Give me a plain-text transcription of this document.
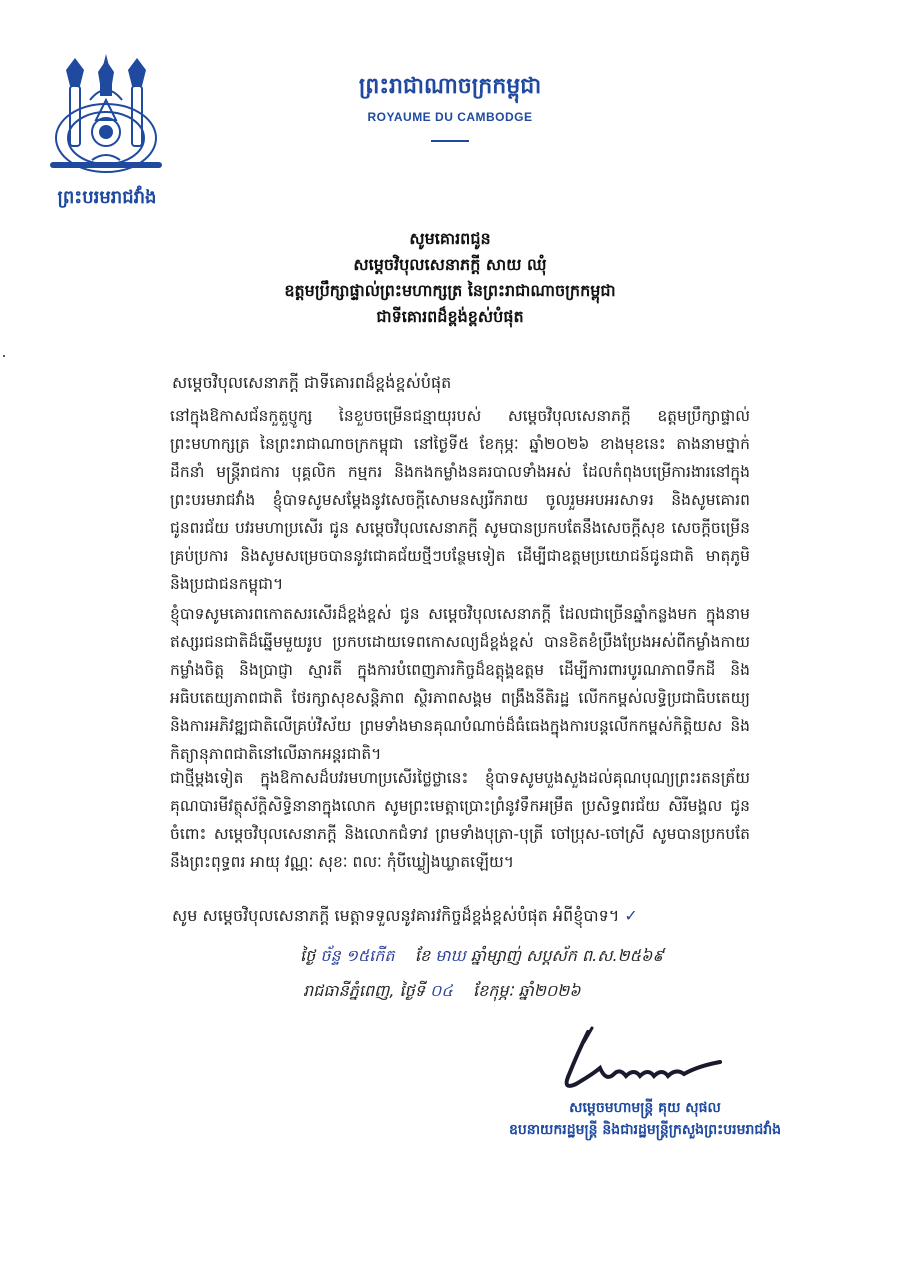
ព្រះបរមរាជវាំង
ព្រះរាជាណាចក្រកម្ពុជា
ROYAUME DU CAMBODGE
សូមគោរពជូន
សម្តេចវិបុលសេនាភក្តី សាយ ឈុំ
ឧត្តមប្រឹក្សាផ្ទាល់ព្រះមហាក្សត្រ នៃព្រះរាជាណាចក្រកម្ពុជា
ជាទីគោរពដ៏ខ្ពង់ខ្ពស់បំផុត
សម្តេចវិបុលសេនាភក្តី ជាទីគោរពដ៏ខ្ពង់ខ្ពស់បំផុត

នៅក្នុងឱកាសជ័នកួតួប្ញូក្ស នៃខួបចម្រើនជន្មាយុរបស់ សម្តេចវិបុលសេនាភក្តី ឧត្តមប្រឹក្សាផ្ទាល់ ព្រះមហាក្សត្រ នៃព្រះរាជាណាចក្រកម្ពុជា នៅថ្ងៃទី៥ ខែកុម្ភៈ ឆ្នាំ២០២៦ ខាងមុខនេះ តាងនាមថ្នាក់ដឹកនាំ មន្រ្តីរាជការ បុគ្គលិក កម្មករ និងកងកម្លាំងនគរបាលទាំងអស់ ដែលកំពុងបម្រើការងារនៅក្នុងព្រះបរមរាជវាំង ខ្ញុំបាទសូមសម្តែងនូវសេចក្តីសោមនស្សរីករាយ ចូលរួមអបអរសាទរ និងសូមគោរពជូនពរជ័យ បវរមហាប្រសើរ ជូន សម្តេចវិបុលសេនាភក្តី សូមបានប្រកបតែនឹងសេចក្តីសុខ សេចក្តីចម្រើនគ្រប់ប្រការ និងសូមសម្រេចបាននូវជោគជ័យថ្មីៗបន្ថែមទៀត ដើម្បីជាឧត្តមប្រយោជន៍ជូនជាតិ មាតុភូមិ និងប្រជាជនកម្ពុជា។

ខ្ញុំបាទសូមគោរពកោតសរសើរដ៏ខ្ពង់ខ្ពស់ ជូន សម្តេចវិបុលសេនាភក្តី ដែលជាច្រើនឆ្នាំកន្លងមក ក្នុងនាមឥស្សរជនជាតិដ៏ឆ្នើមមួយរូប ប្រកបដោយទេពកោសល្យដ៏ខ្ពង់ខ្ពស់ បានខិតខំប្រឹងប្រែងអស់ពីកម្លាំងកាយ កម្លាំងចិត្ត និងប្រាជ្ញា ស្មារតី ក្នុងការបំពេញភារកិច្ចដ៏ឧត្តុង្គឧត្តម ដើម្បីការពារបូរណភាពទឹកដី និងអធិបតេយ្យភាពជាតិ ថែរក្សាសុខសន្តិភាព ស្ថិរភាពសង្គម ពង្រឹងនីតិរដ្ឋ លើកកម្ពស់លទ្ធិប្រជាធិបតេយ្យ និងការអភិវឌ្ឍជាតិលើគ្រប់វិស័យ ព្រមទាំងមានគុណបំណាច់ដ៏ធំធេងក្នុងការបន្តលើកកម្ពស់កិត្តិយស និងកិត្យានុភាពជាតិនៅលើឆាកអន្តរជាតិ។

ជាថ្មីម្តងទៀត ក្នុងឱកាសដ៏បវរមហាប្រសើរថ្លៃថ្លានេះ ខ្ញុំបាទសូមបួងសួងដល់គុណបុណ្យព្រះរតនត្រ័យ គុណបារមីវត្ថុស័ក្តិសិទ្ធិនានាក្នុងលោក សូមព្រះមេត្តាប្រោះព្រំនូវទឹកអម្រឹត ប្រសិទ្ធពរជ័យ សិរីមង្គល ជូនចំពោះ សម្តេចវិបុលសេនាភក្តី និងលោកជំទាវ ព្រមទាំងបុត្រា-បុត្រី ចៅប្រុស-ចៅស្រី សូមបានប្រកបតែនឹងព្រះពុទ្ធពរ អាយុ វណ្ណៈ សុខៈ ពលៈ កុំបីឃ្លៀងឃ្លាតឡើយ។

សូម សម្តេចវិបុលសេនាភក្តី មេត្តាទទួលនូវគារវកិច្ចដ៏ខ្ពង់ខ្ពស់បំផុត អំពីខ្ញុំបាទ។ ✓
ថ្ងៃ ច័ន្ទ ១៥កើត ខែ មាឃ ឆ្នាំម្សាញ់ សប្តស័ក ព.ស.២៥៦៩
រាជធានីភ្នំពេញ, ថ្ងៃទី ០៤ ខែកុម្ភៈ ឆ្នាំ២០២៦
សម្តេចមហាមន្ត្រី គុយ សុផល
ឧបនាយករដ្ឋមន្ត្រី និងជារដ្ឋមន្ត្រីក្រសួងព្រះបរមរាជវាំង
